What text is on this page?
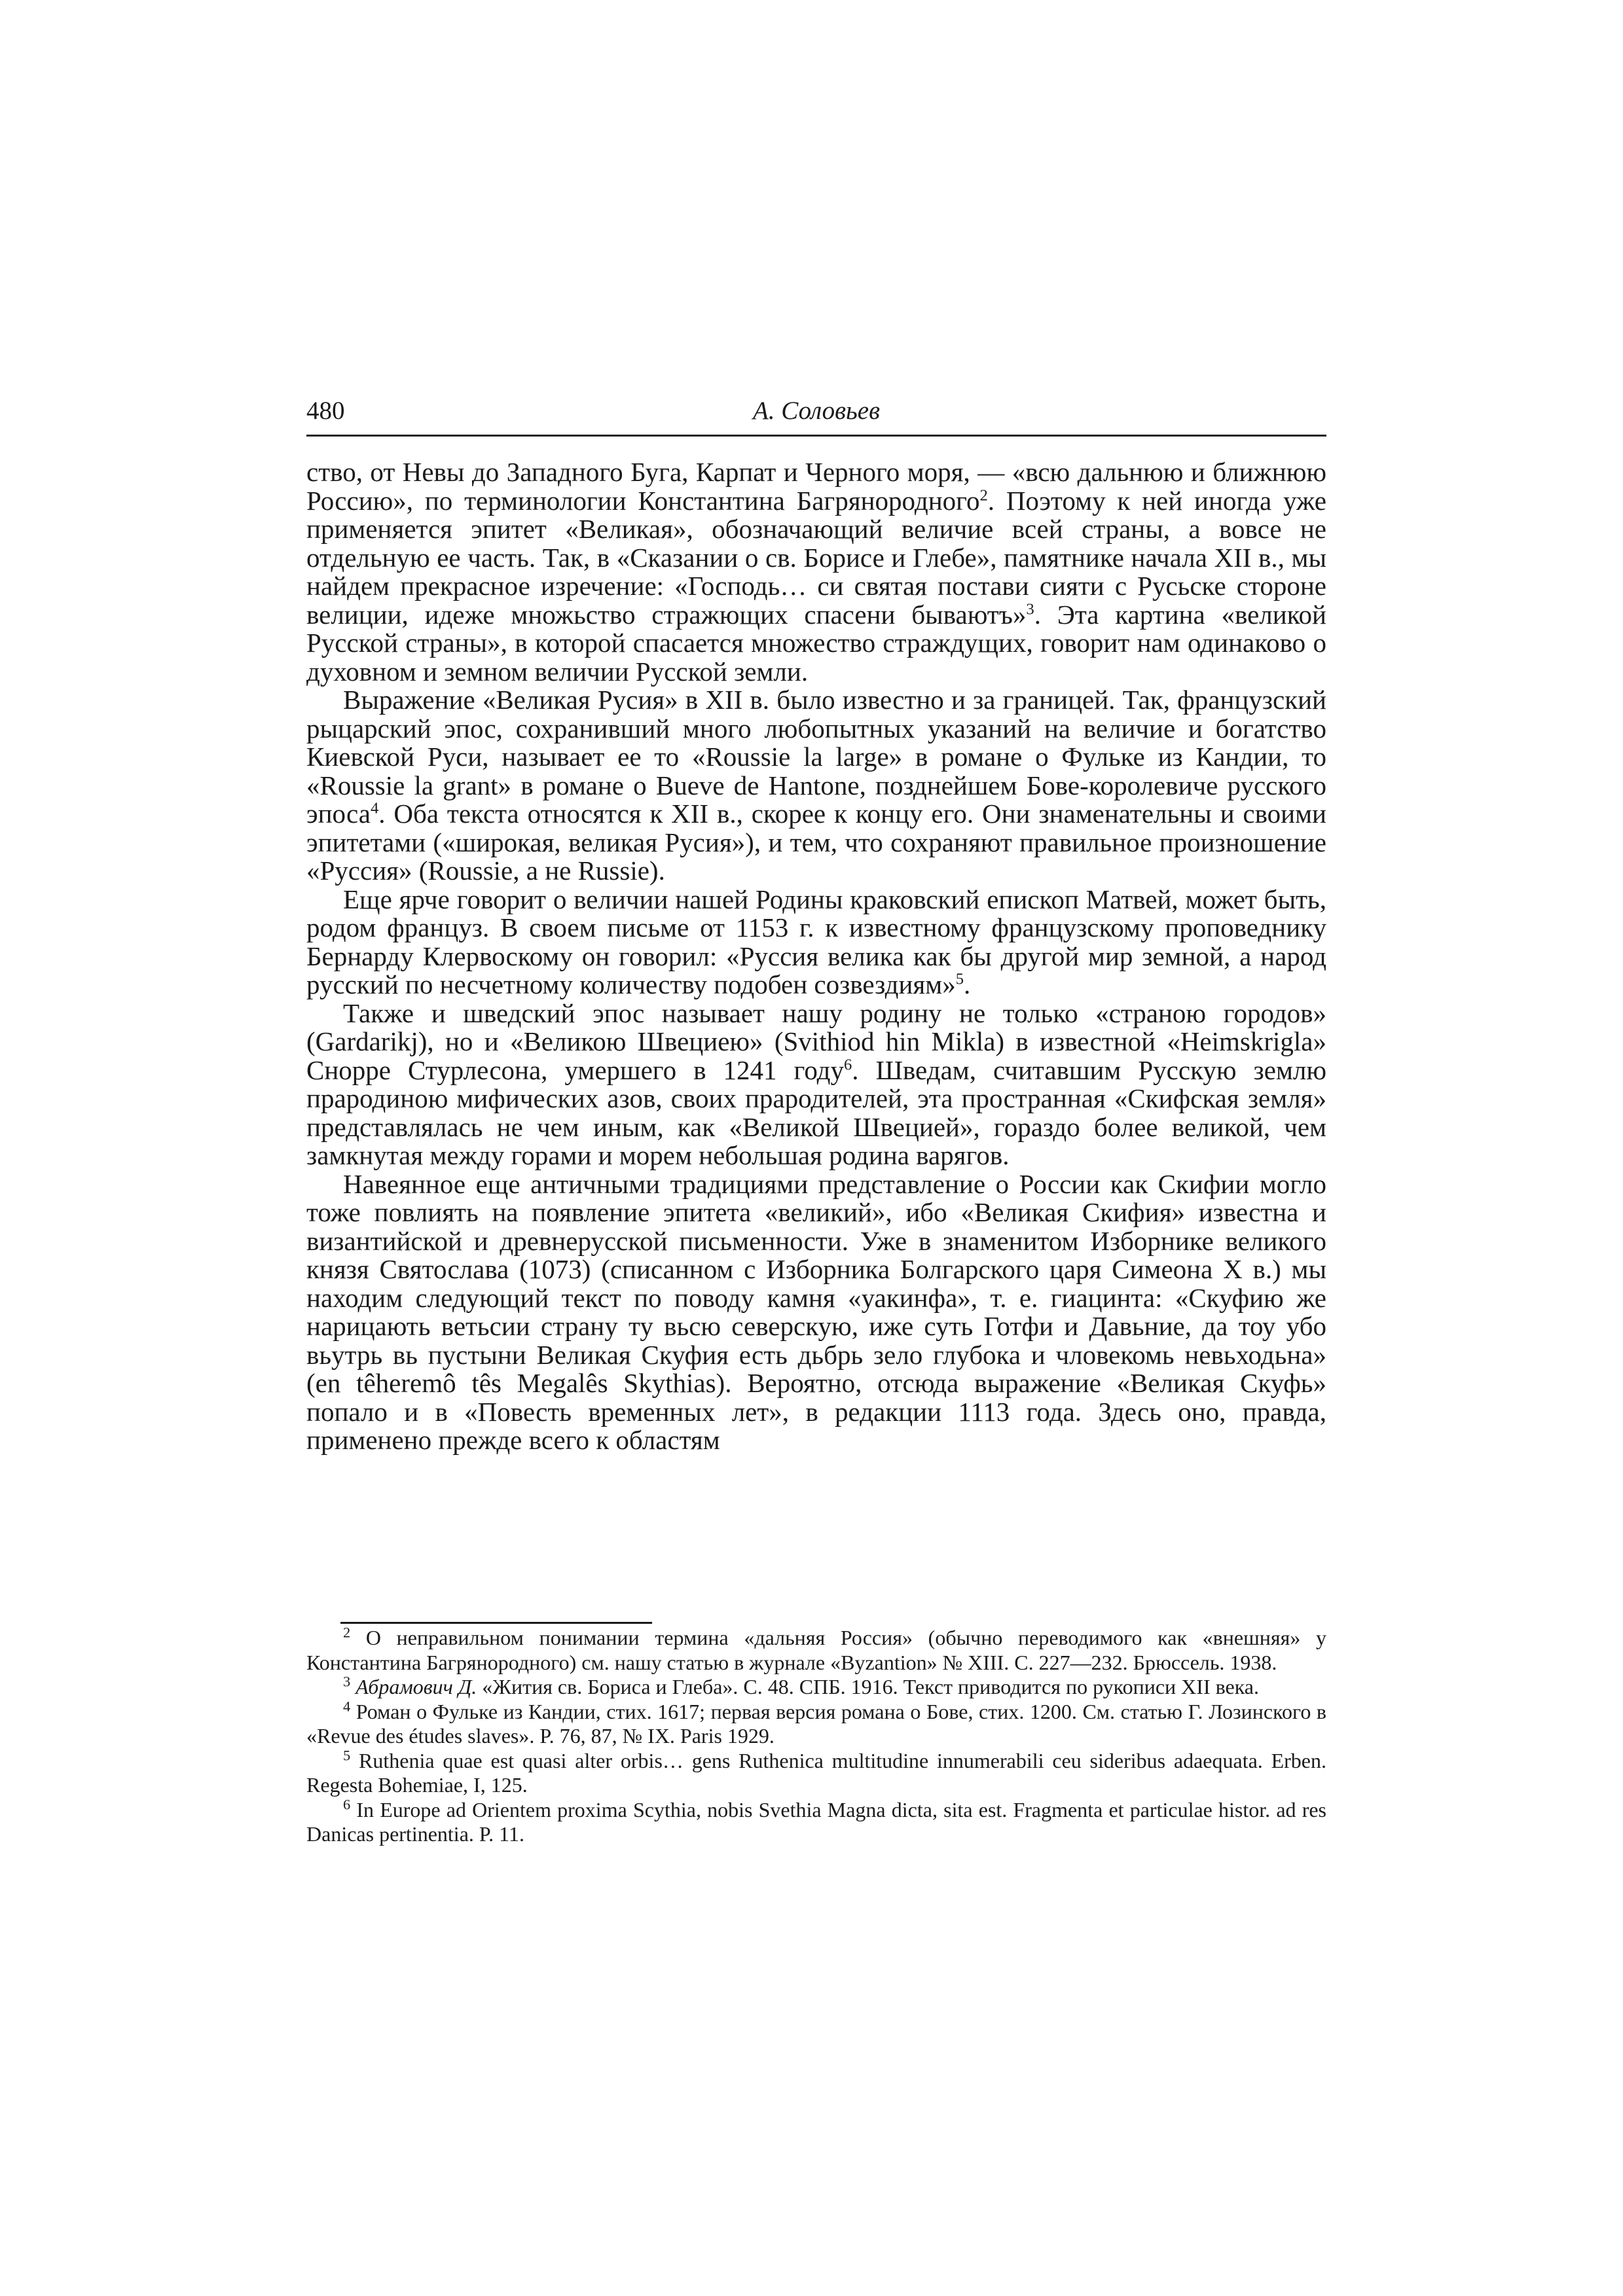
480	А. Соловьев

ство, от Невы до Западного Буга, Карпат и Черного моря, — «всю дальнюю и ближнюю Россию», по терминологии Константина Багрянородного$^2$. Поэтому к ней иногда уже применяется эпитет «Великая», обозначающий величие всей страны, а вовсе не отдельную ее часть. Так, в «Сказании о св. Борисе и Глебе», памятнике начала XII в., мы найдем прекрасное изречение: «Господь… си святая постави сияти с Русьске стороне велиции, идеже множьство стражющих спасени бываютъ»$^3$. Эта картина «великой Русской страны», в которой спасается множество страждущих, говорит нам одинаково о духовном и земном величии Русской земли.

Выражение «Великая Русия» в XII в. было известно и за границей. Так, французский рыцарский эпос, сохранивший много любопытных указаний на величие и богатство Киевской Руси, называет ее то «Roussie la large» в романе о Фульке из Кандии, то «Roussie la grant» в романе о Bueve de Hantone, позднейшем Бове-королевиче русского эпоса$^4$. Оба текста относятся к XII в., скорее к концу его. Они знаменательны и своими эпитетами («широкая, великая Русия»), и тем, что сохраняют правильное произношение «Руссия» (Roussie, а не Russie).

Еще ярче говорит о величии нашей Родины краковский епископ Матвей, может быть, родом француз. В своем письме от 1153 г. к известному французскому проповеднику Бернарду Клервоскому он говорил: «Руссия велика как бы другой мир земной, а народ русский по несчетному количеству подобен созвездиям»$^5$.

Также и шведский эпос называет нашу родину не только «страною городов» (Gardarikj), но и «Великою Швециею» (Svithiod hin Mikla) в известной «Heimskrigla» Снорре Стурлесона, умершего в 1241 году$^6$. Шведам, считавшим Русскую землю прародиною мифических азов, своих прародителей, эта пространная «Скифская земля» представлялась не чем иным, как «Великой Швецией», гораздо более великой, чем замкнутая между горами и морем небольшая родина варягов.

Навеянное еще античными традициями представление о России как Скифии могло тоже повлиять на появление эпитета «великий», ибо «Великая Скифия» известна и византийской и древнерусской письменности. Уже в знаменитом Изборнике великого князя Святослава (1073) (списанном с Изборника Болгарского царя Симеона X в.) мы находим следующий текст по поводу камня «уакинфа», т. е. гиацинта: «Скуфию же нарицають ветьсии страну ту вьсю северскую, иже суть Готфи и Давьние, да тоу убо вьутрь вь пустыни Великая Скуфия есть дьбрь зело глубока и чловекомь невьходьна» (en têheremô tês Megalês Skythias). Вероятно, отсюда выражение «Великая Скуфь» попало и в «Повесть временных лет», в редакции 1113 года. Здесь оно, правда, применено прежде всего к областям

$^2$ О неправильном понимании термина «дальняя Россия» (обычно переводимого как «внешняя» у Константина Багрянородного) см. нашу статью в журнале «Byzantion» № XIII. С. 227—232. Брюссель. 1938.

$^3$ Абрамович Д. «Жития св. Бориса и Глеба». С. 48. СПБ. 1916. Текст приводится по рукописи XII века.

$^4$ Роман о Фульке из Кандии, стих. 1617; первая версия романа о Бове, стих. 1200. См. статью Г. Лозинского в «Revue des études slaves». P. 76, 87, № IX. Paris 1929.

$^5$ Ruthenia quae est quasi alter orbis… gens Ruthenica multitudine innumerabili ceu sideribus adaequata. Erben. Regesta Bohemiae, I, 125.

$^6$ In Europe ad Orientem proxima Scythia, nobis Svethia Magna dicta, sita est. Fragmenta et particulae histor. ad res Danicas pertinentia. P. 11.
